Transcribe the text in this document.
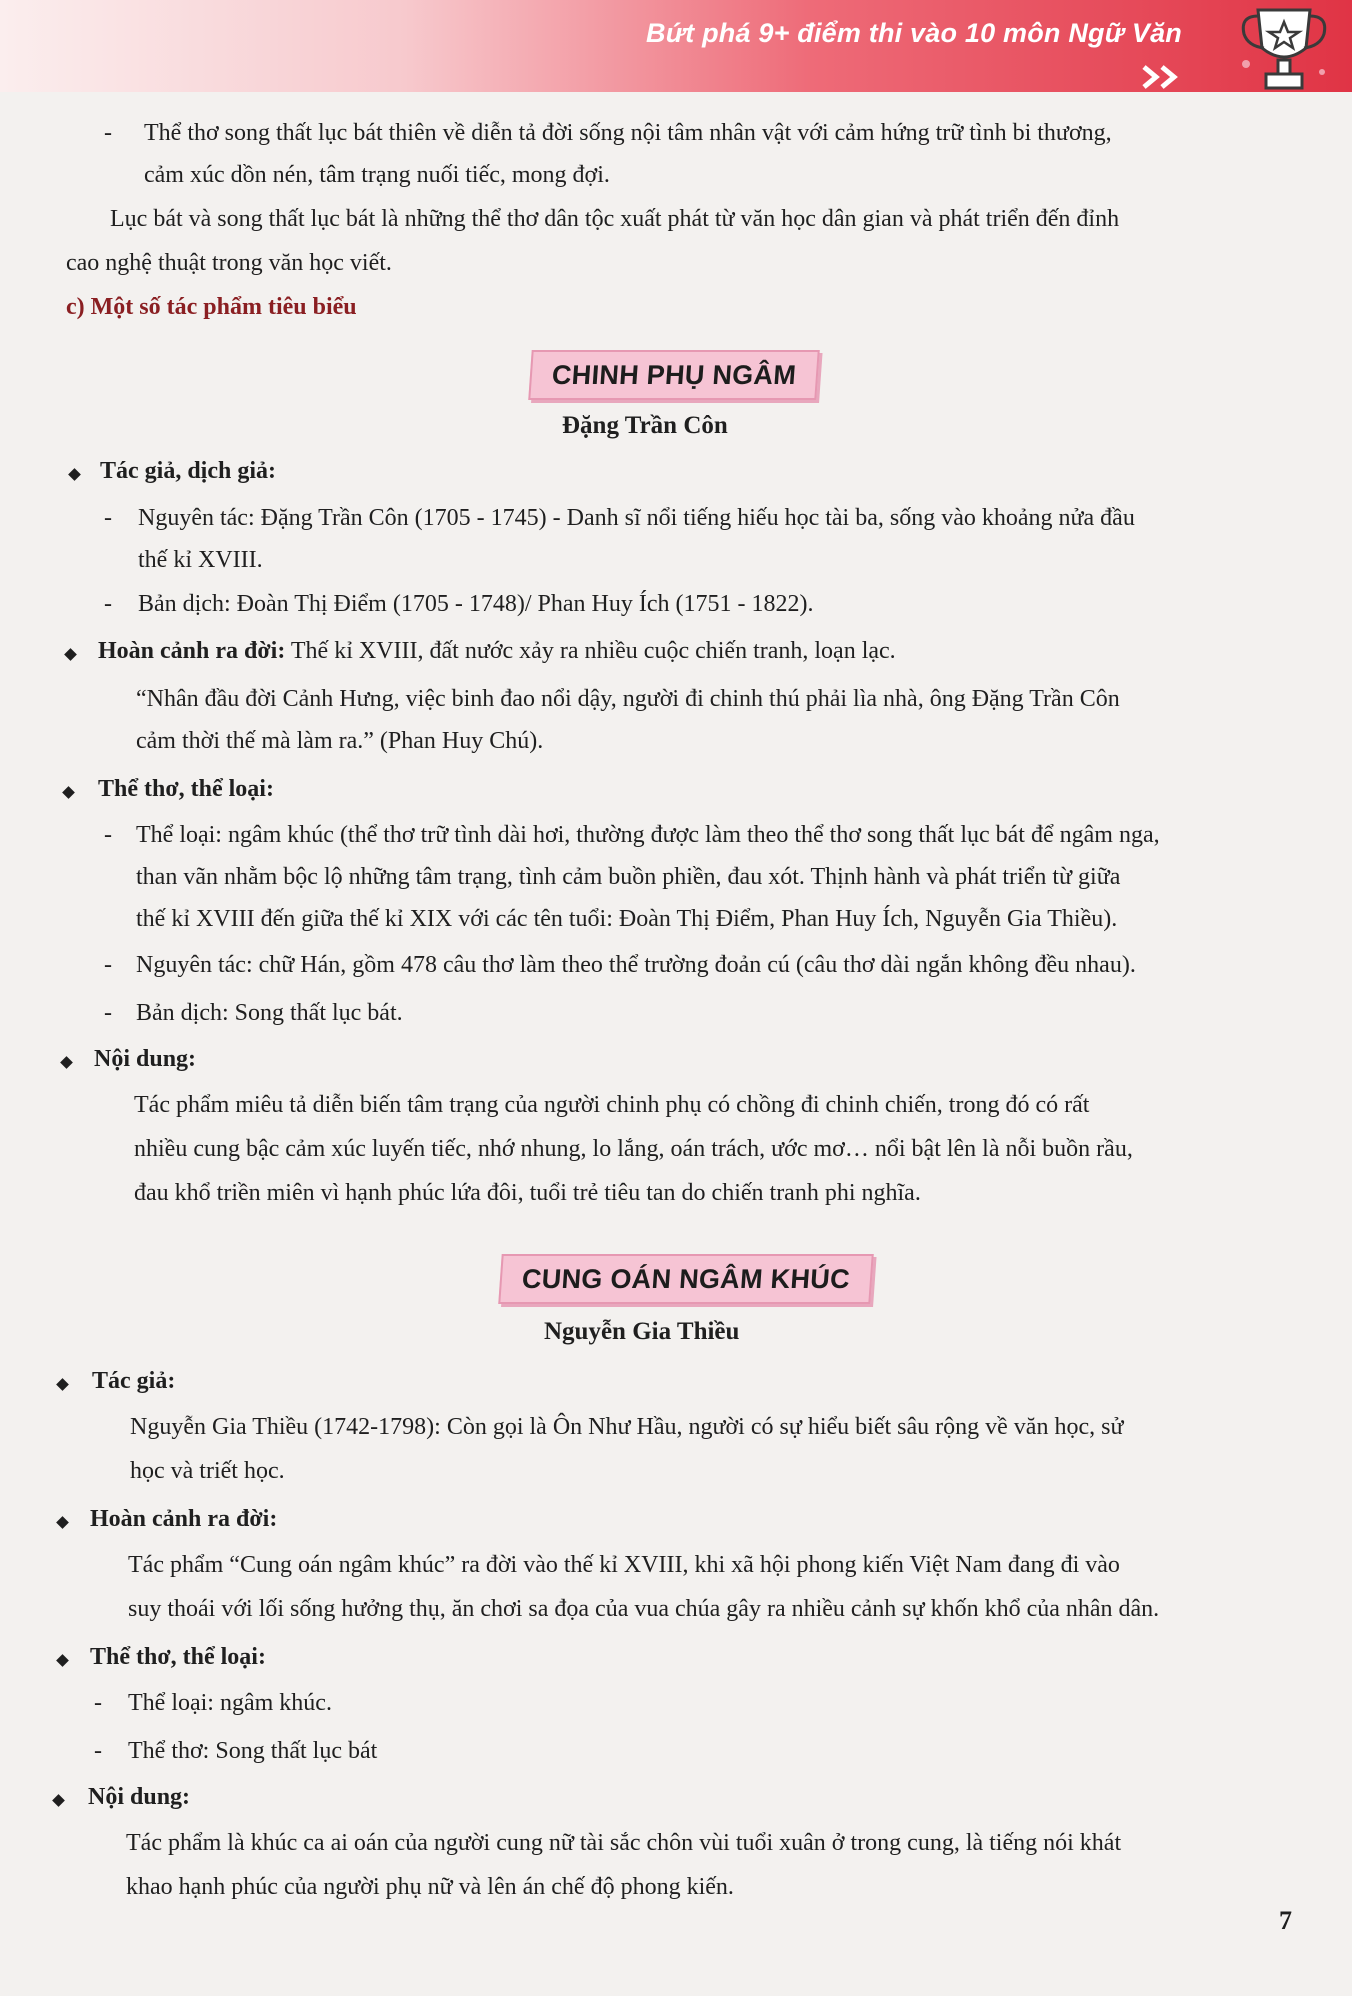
Bứt phá 9+ điểm thi vào 10 môn Ngữ Văn
- Thể thơ song thất lục bát thiên về diễn tả đời sống nội tâm nhân vật với cảm hứng trữ tình bi thương,
cảm xúc dồn nén, tâm trạng nuối tiếc, mong đợi.
Lục bát và song thất lục bát là những thể thơ dân tộc xuất phát từ văn học dân gian và phát triển đến đỉnh
cao nghệ thuật trong văn học viết.
c) Một số tác phẩm tiêu biểu
CHINH PHỤ NGÂM
Đặng Trần Côn
Tác giả, dịch giả:
- Nguyên tác: Đặng Trần Côn (1705 - 1745) - Danh sĩ nổi tiếng hiếu học tài ba, sống vào khoảng nửa đầu
thế kỉ XVIII.
- Bản dịch: Đoàn Thị Điểm (1705 - 1748)/ Phan Huy Ích (1751 - 1822).
Hoàn cảnh ra đời: Thế kỉ XVIII, đất nước xảy ra nhiều cuộc chiến tranh, loạn lạc.
“Nhân đầu đời Cảnh Hưng, việc binh đao nổi dậy, người đi chinh thú phải lìa nhà, ông Đặng Trần Côn
cảm thời thế mà làm ra.” (Phan Huy Chú).
Thể thơ, thể loại:
- Thể loại: ngâm khúc (thể thơ trữ tình dài hơi, thường được làm theo thể thơ song thất lục bát để ngâm nga,
than vãn nhằm bộc lộ những tâm trạng, tình cảm buồn phiền, đau xót. Thịnh hành và phát triển từ giữa
thế kỉ XVIII đến giữa thế kỉ XIX với các tên tuổi: Đoàn Thị Điểm, Phan Huy Ích, Nguyễn Gia Thiều).
- Nguyên tác: chữ Hán, gồm 478 câu thơ làm theo thể trường đoản cú (câu thơ dài ngắn không đều nhau).
- Bản dịch: Song thất lục bát.
Nội dung:
Tác phẩm miêu tả diễn biến tâm trạng của người chinh phụ có chồng đi chinh chiến, trong đó có rất
nhiều cung bậc cảm xúc luyến tiếc, nhớ nhung, lo lắng, oán trách, ước mơ… nổi bật lên là nỗi buồn rầu,
đau khổ triền miên vì hạnh phúc lứa đôi, tuổi trẻ tiêu tan do chiến tranh phi nghĩa.
CUNG OÁN NGÂM KHÚC
Nguyễn Gia Thiều
Tác giả:
Nguyễn Gia Thiều (1742-1798): Còn gọi là Ôn Như Hầu, người có sự hiểu biết sâu rộng về văn học, sử
học và triết học.
Hoàn cảnh ra đời:
Tác phẩm “Cung oán ngâm khúc” ra đời vào thế kỉ XVIII, khi xã hội phong kiến Việt Nam đang đi vào
suy thoái với lối sống hưởng thụ, ăn chơi sa đọa của vua chúa gây ra nhiều cảnh sự khốn khổ của nhân dân.
Thể thơ, thể loại:
- Thể loại: ngâm khúc.
- Thể thơ: Song thất lục bát
Nội dung:
Tác phẩm là khúc ca ai oán của người cung nữ tài sắc chôn vùi tuổi xuân ở trong cung, là tiếng nói khát
khao hạnh phúc của người phụ nữ và lên án chế độ phong kiến.
7
